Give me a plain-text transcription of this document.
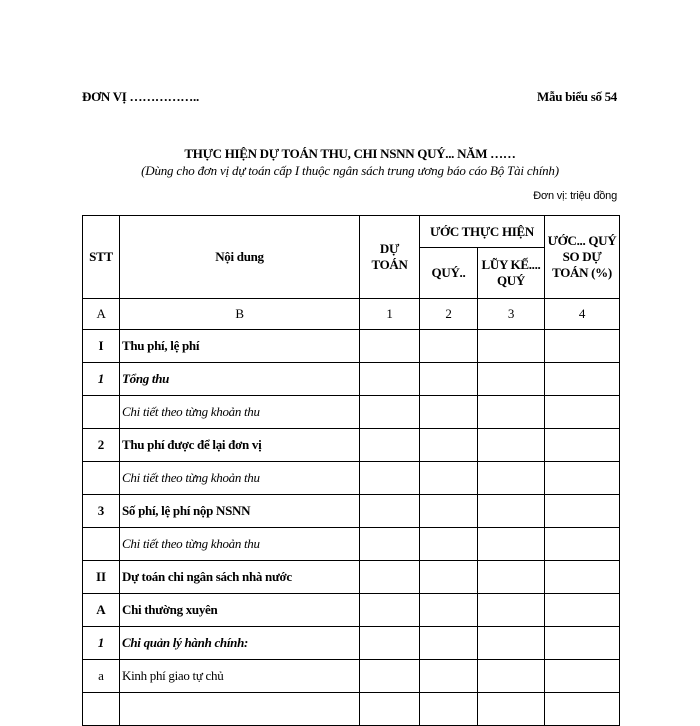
ĐƠN VỊ ……………..	Mẫu biểu số 54
THỰC HIỆN DỰ TOÁN THU, CHI NSNN QUÝ... NĂM ……
(Dùng cho đơn vị dự toán cấp I thuộc ngân sách trung ương báo cáo Bộ Tài chính)
Đơn vị: triệu đồng
STT	Nội dung	DỰ TOÁN	ƯỚC THỰC HIỆN		ƯỚC... QUÝ SO DỰ TOÁN (%)
			QUÝ..	LŨY KẾ.... QUÝ	
A	B	1	2	3	4
I	Thu phí, lệ phí				
1	Tổng thu				
	Chi tiết theo từng khoản thu				
2	Thu phí được để lại đơn vị				
	Chi tiết theo từng khoản thu				
3	Số phí, lệ phí nộp NSNN				
	Chi tiết theo từng khoản thu				
II	Dự toán chi ngân sách nhà nước				
A	Chi thường xuyên				
1	Chi quản lý hành chính:				
a	Kinh phí giao tự chủ				
